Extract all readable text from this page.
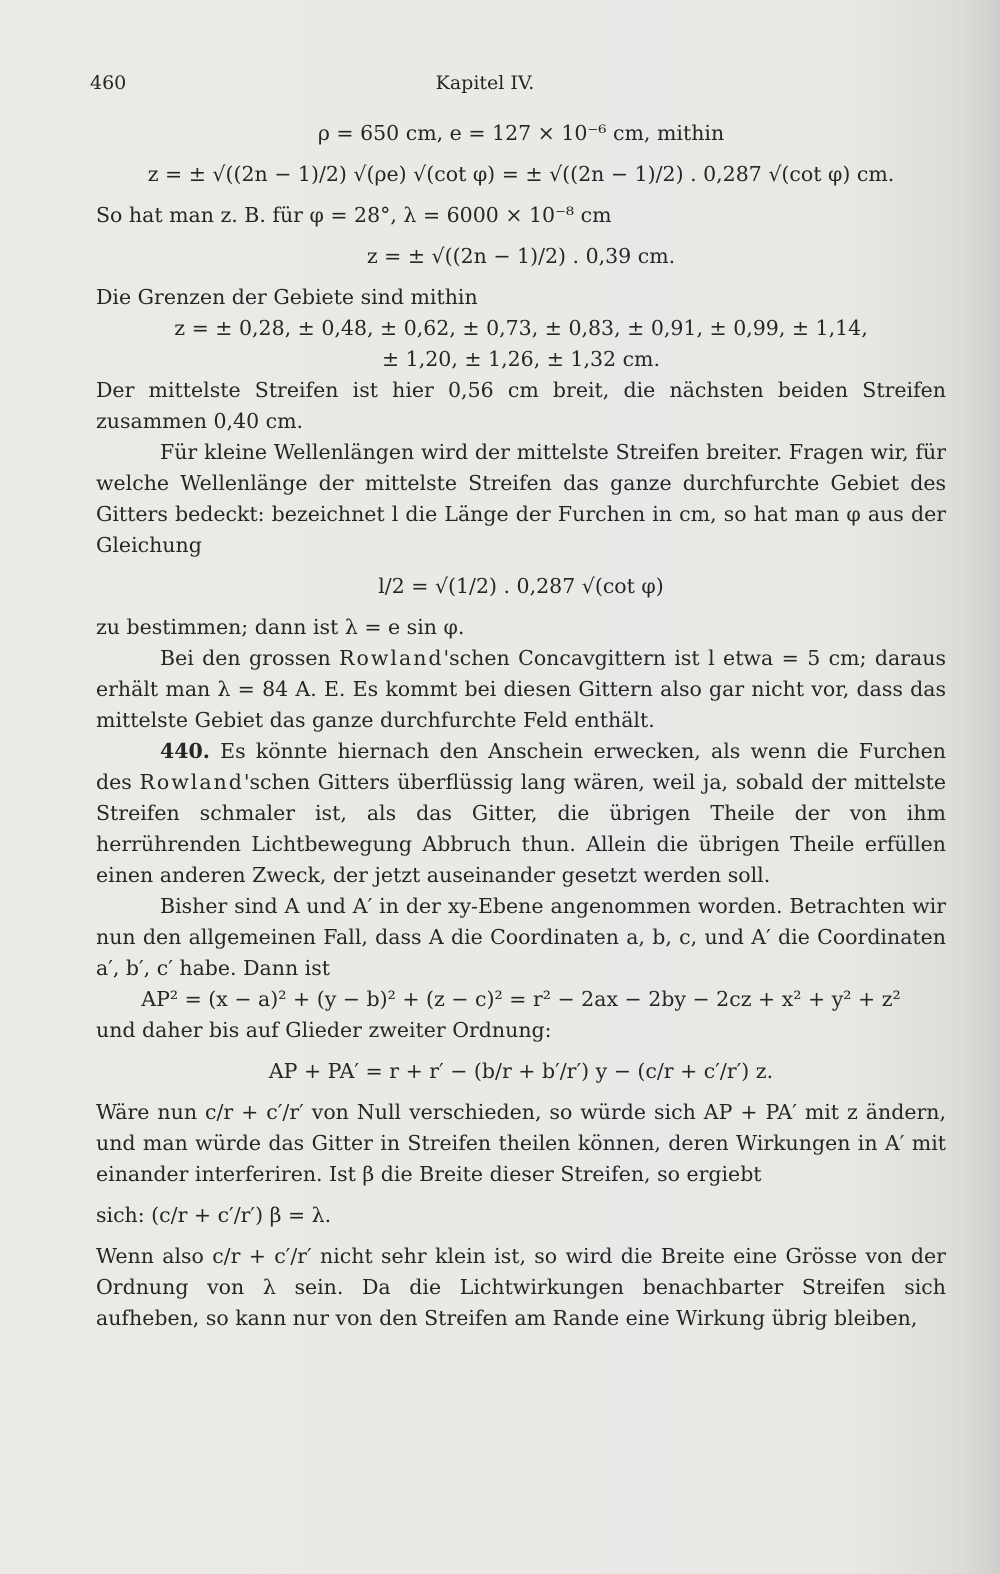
460	Kapitel IV.

ρ = 650 cm, e = 127 × 10⁻⁶ cm, mithin

z = ± √((2n − 1)/2) √(ρe) √(cot φ) = ± √((2n − 1)/2) . 0,287 √(cot φ) cm.

So hat man z. B. für φ = 28°, λ = 6000 × 10⁻⁸ cm

z = ± √((2n − 1)/2) . 0,39 cm.

Die Grenzen der Gebiete sind mithin

z = ± 0,28, ± 0,48, ± 0,62, ± 0,73, ± 0,83, ± 0,91, ± 0,99, ± 1,14,

± 1,20, ± 1,26, ± 1,32 cm.

Der mittelste Streifen ist hier 0,56 cm breit, die nächsten beiden Streifen zusammen 0,40 cm.

Für kleine Wellenlängen wird der mittelste Streifen breiter. Fragen wir, für welche Wellenlänge der mittelste Streifen das ganze durchfurchte Gebiet des Gitters bedeckt: bezeichnet l die Länge der Furchen in cm, so hat man φ aus der Gleichung

l/2 = √(1/2) . 0,287 √(cot φ)

zu bestimmen; dann ist λ = e sin φ.

Bei den grossen Rowland'schen Concavgittern ist l etwa = 5 cm; daraus erhält man λ = 84 A. E. Es kommt bei diesen Gittern also gar nicht vor, dass das mittelste Gebiet das ganze durchfurchte Feld enthält.

440. Es könnte hiernach den Anschein erwecken, als wenn die Furchen des Rowland'schen Gitters überflüssig lang wären, weil ja, sobald der mittelste Streifen schmaler ist, als das Gitter, die übrigen Theile der von ihm herrührenden Lichtbewegung Abbruch thun. Allein die übrigen Theile erfüllen einen anderen Zweck, der jetzt auseinander gesetzt werden soll.

Bisher sind A und A′ in der xy-Ebene angenommen worden. Betrachten wir nun den allgemeinen Fall, dass A die Coordinaten a, b, c, und A′ die Coordinaten a′, b′, c′ habe. Dann ist

AP² = (x − a)² + (y − b)² + (z − c)² = r² − 2ax − 2by − 2cz + x² + y² + z²

und daher bis auf Glieder zweiter Ordnung:

AP + PA′ = r + r′ − (b/r + b′/r′) y − (c/r + c′/r′) z.

Wäre nun c/r + c′/r′ von Null verschieden, so würde sich AP + PA′ mit z ändern, und man würde das Gitter in Streifen theilen können, deren Wirkungen in A′ mit einander interferiren. Ist β die Breite dieser Streifen, so ergiebt

sich: (c/r + c′/r′) β = λ.

Wenn also c/r + c′/r′ nicht sehr klein ist, so wird die Breite eine Grösse von der Ordnung von λ sein. Da die Lichtwirkungen benachbarter Streifen sich aufheben, so kann nur von den Streifen am Rande eine Wirkung übrig bleiben,
